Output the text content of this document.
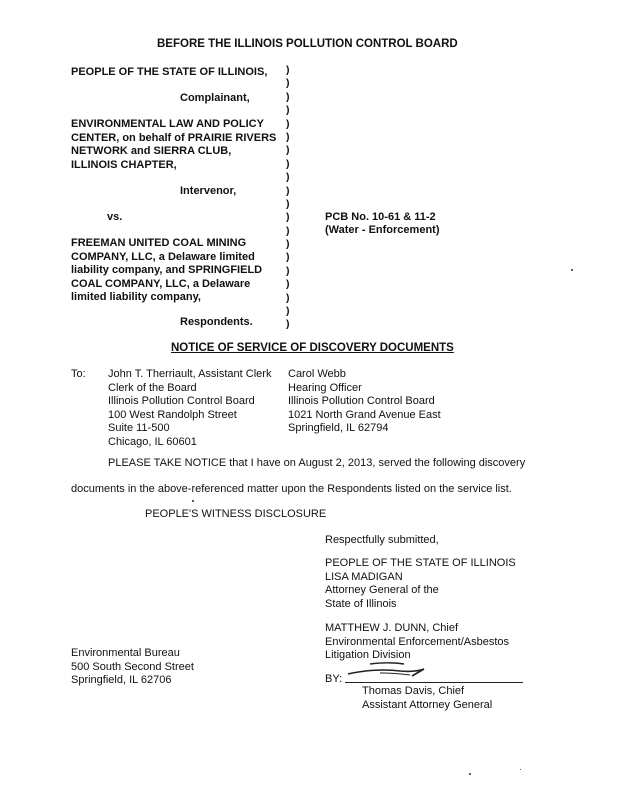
BEFORE THE ILLINOIS POLLUTION CONTROL BOARD
PEOPLE OF THE STATE OF ILLINOIS,
Complainant,
ENVIRONMENTAL LAW AND POLICY
CENTER, on behalf of PRAIRIE RIVERS
NETWORK and SIERRA CLUB,
ILLINOIS CHAPTER,
Intervenor,
vs.
FREEMAN UNITED COAL MINING
COMPANY, LLC, a Delaware limited
liability company, and SPRINGFIELD
COAL COMPANY, LLC, a Delaware
limited liability company,
Respondents.
)
)
)
)
)
)
)
)
)
)
)
)
)
)
)
)
)
)
)
)
PCB No. 10-61 & 11-2
(Water - Enforcement)
NOTICE OF SERVICE OF DISCOVERY DOCUMENTS
To: John T. Therriault, Assistant Clerk
Clerk of the Board
Illinois Pollution Control Board
100 West Randolph Street
Suite 11-500
Chicago, IL 60601
Carol Webb
Hearing Officer
Illinois Pollution Control Board
1021 North Grand Avenue East
Springfield, IL 62794
PLEASE TAKE NOTICE that I have on August 2, 2013, served the following discovery
documents in the above-referenced matter upon the Respondents listed on the service list.
PEOPLE'S WITNESS DISCLOSURE
Respectfully submitted,
PEOPLE OF THE STATE OF ILLINOIS
LISA MADIGAN
Attorney General of the
State of Illinois
MATTHEW J. DUNN, Chief
Environmental Enforcement/Asbestos
Litigation Division
BY:
Thomas Davis, Chief
Assistant Attorney General
Environmental Bureau
500 South Second Street
Springfield, IL 62706
